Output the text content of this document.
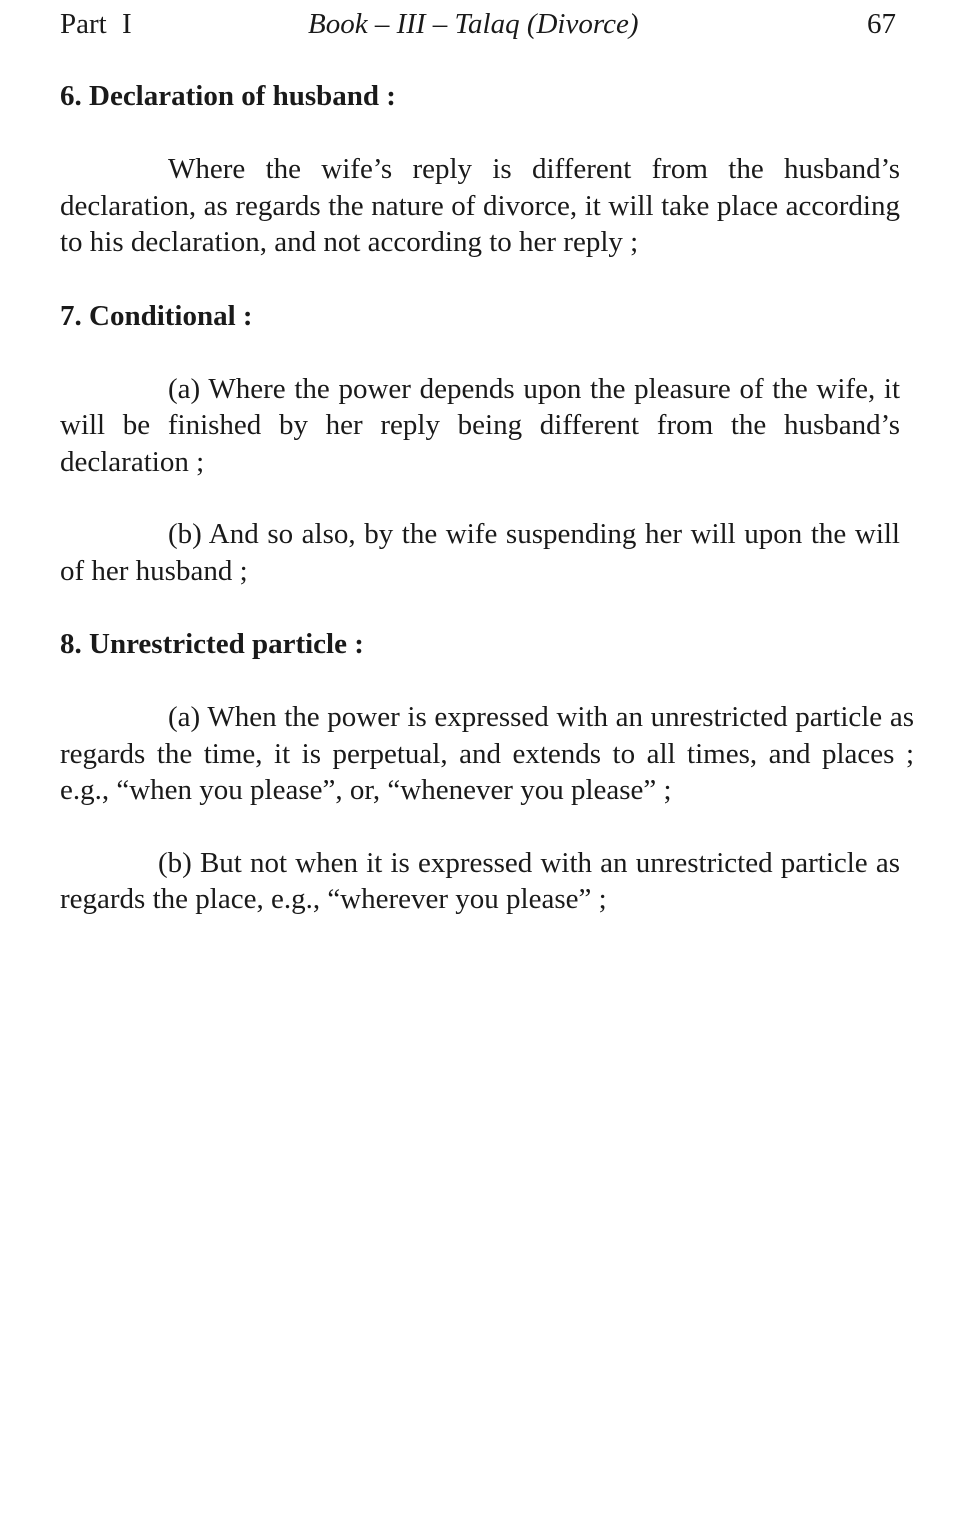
Part I	Book – III – Talaq (Divorce)	67
6. Declaration of husband :

Where the wife’s reply is different from the husband’s declaration, as regards the nature of divorce, it will take place according to his declaration, and not according to her reply ;

7. Conditional :

(a) Where the power depends upon the pleasure of the wife, it will be finished by her reply being different from the husband’s declaration ;

(b) And so also, by the wife suspending her will upon the will of her husband ;

8. Unrestricted particle :

(a) When the power is expressed with an unrestricted particle as regards the time, it is perpetual, and extends to all times, and places ; e.g., “when you please”, or, “whenever you please” ;

(b) But not when it is expressed with an unrestricted particle as regards the place, e.g., “wherever you please” ;
